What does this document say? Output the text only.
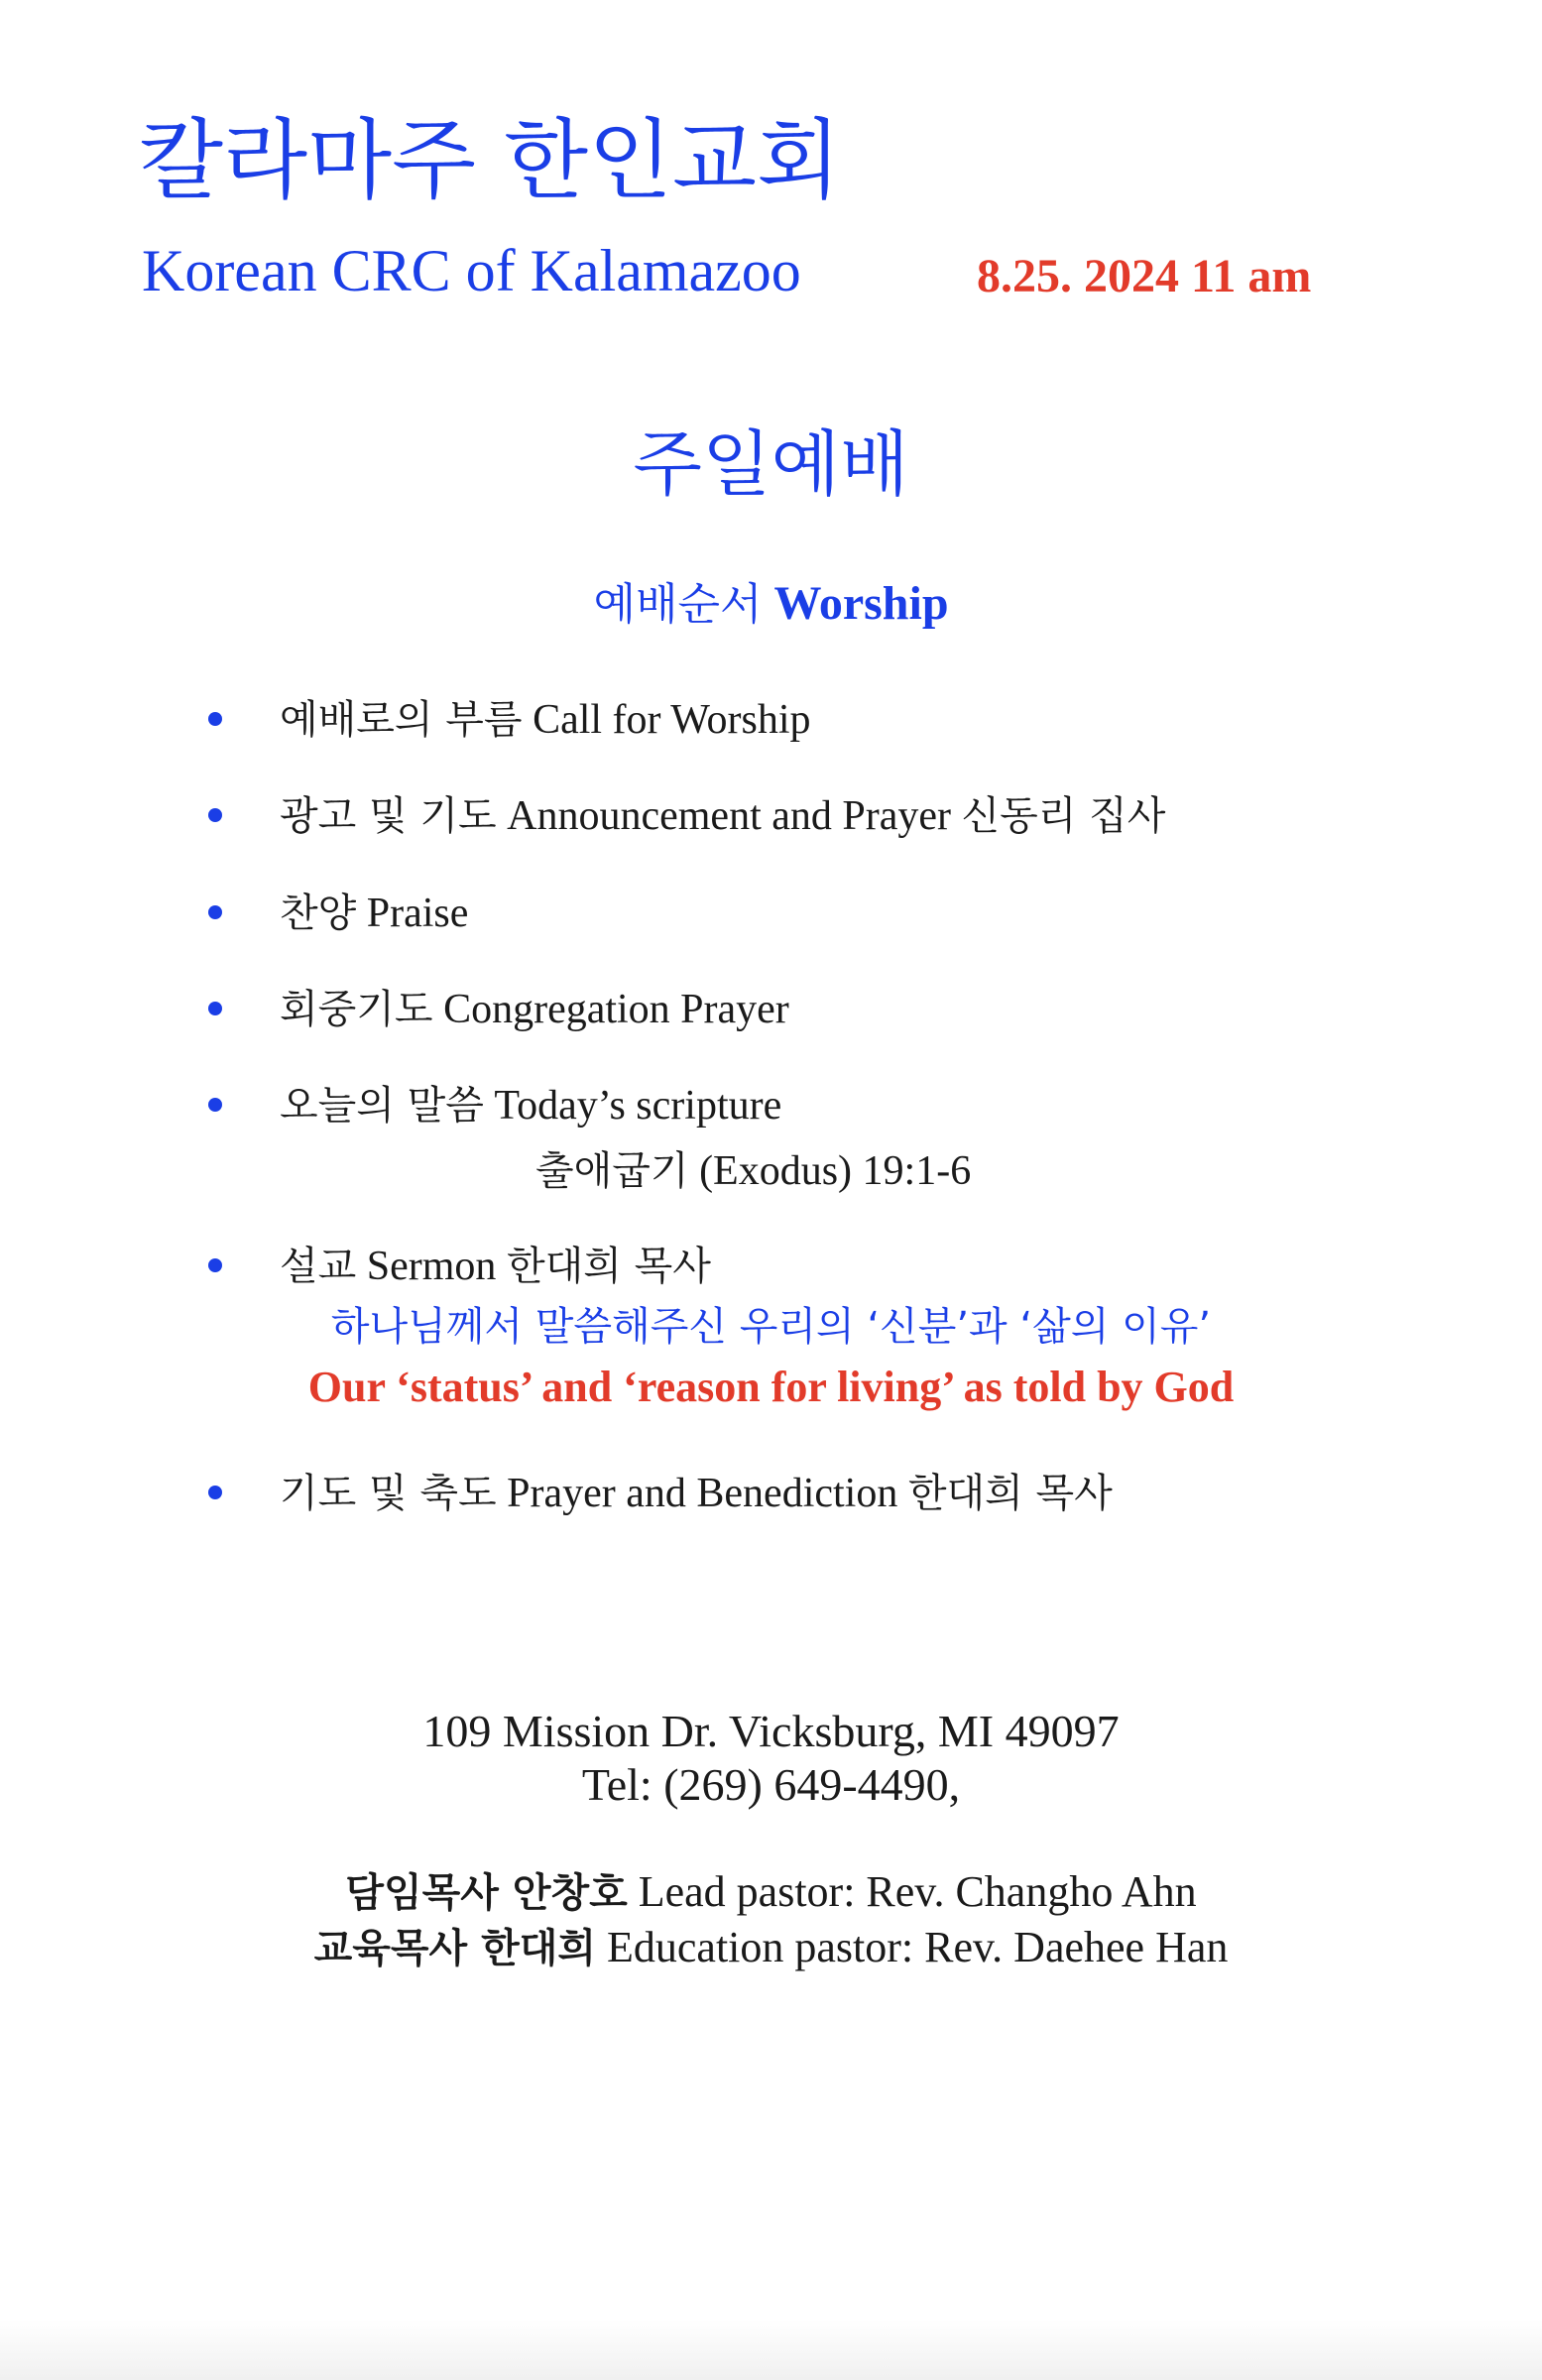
칼라마주 한인교회
Korean CRC of Kalamazoo	8.25. 2024 11 am
주일예배
예배순서 Worship
예배로의 부름 Call for Worship
광고 및 기도 Announcement and Prayer 신동리 집사
찬양 Praise
회중기도 Congregation Prayer
오늘의 말씀 Today’s scripture
출애굽기 (Exodus) 19:1-6
설교 Sermon 한대희 목사
하나님께서 말씀해주신 우리의 ‘신분’과 ‘삶의 이유’
Our ‘status’ and ‘reason for living’ as told by God
기도 및 축도 Prayer and Benediction 한대희 목사
109 Mission Dr. Vicksburg, MI 49097
Tel: (269) 649-4490,
담임목사 안창호 Lead pastor: Rev. Changho Ahn
교육목사 한대희 Education pastor: Rev. Daehee Han
